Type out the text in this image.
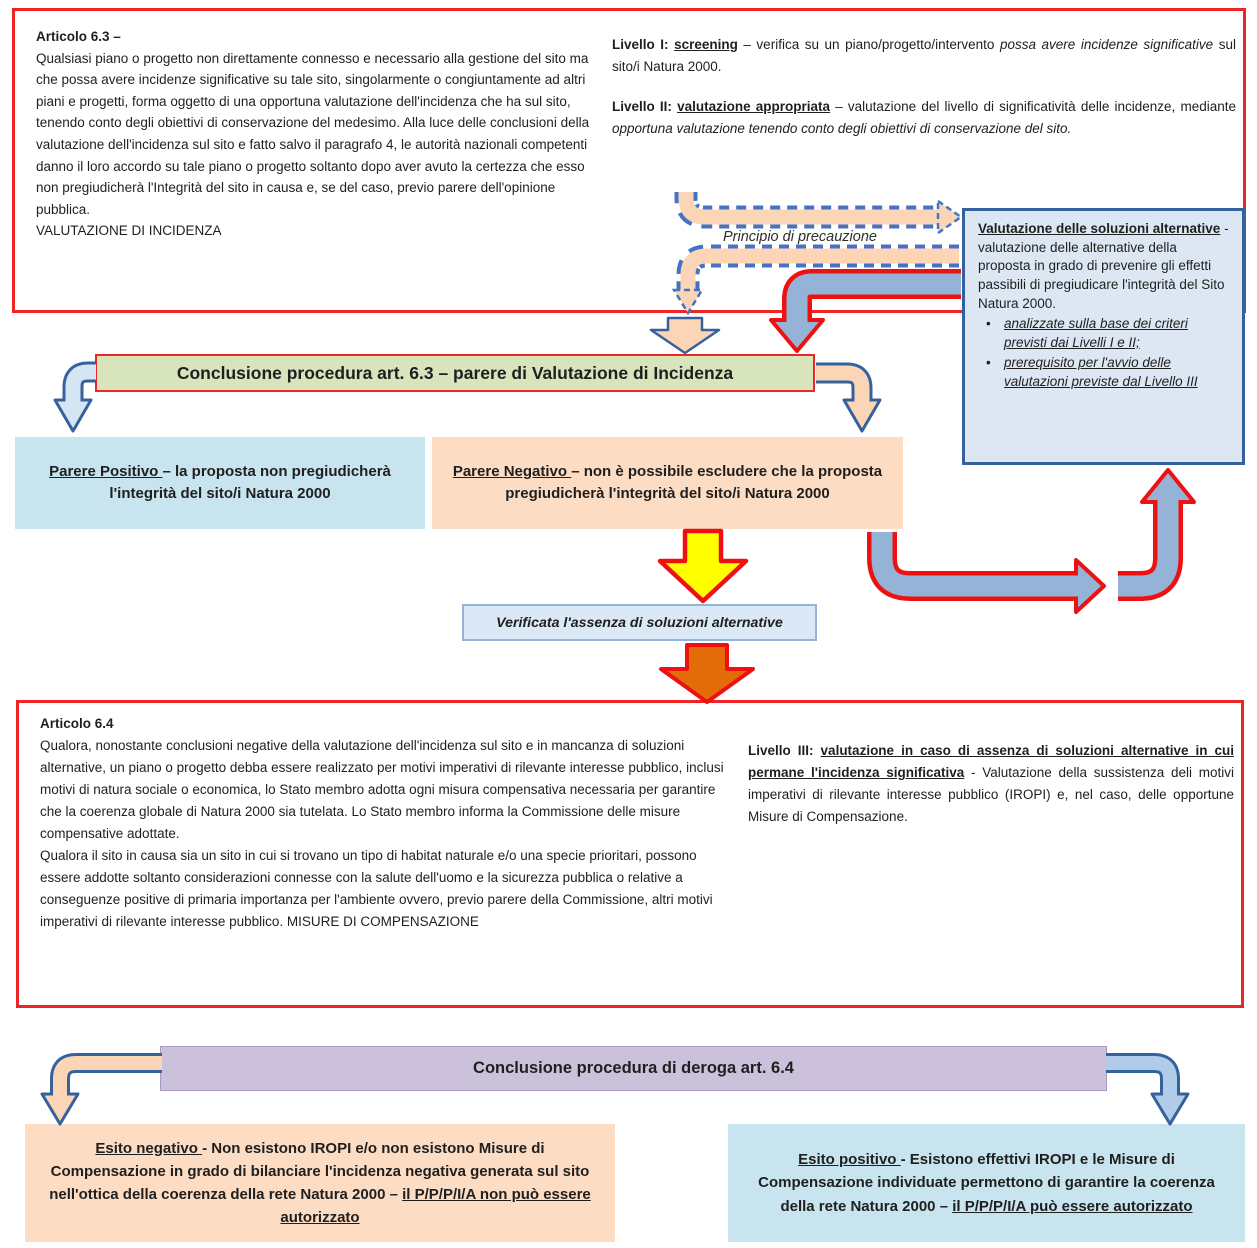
Articolo 6.3 –
Qualsiasi piano o progetto non direttamente connesso e necessario alla gestione del sito ma che possa avere incidenze significative su tale sito, singolarmente o congiuntamente ad altri piani e progetti, forma oggetto di una opportuna valutazione dell'incidenza che ha sul sito, tenendo conto degli obiettivi di conservazione del medesimo. Alla luce delle conclusioni della valutazione dell'incidenza sul sito e fatto salvo il paragrafo 4, le autorità nazionali competenti danno il loro accordo su tale piano o progetto soltanto dopo aver avuto la certezza che esso non pregiudicherà l'Integrità del sito in causa e, se del caso, previo parere dell'opinione pubblica.
VALUTAZIONE DI INCIDENZA

Livello I: screening – verifica su un piano/progetto/intervento possa avere incidenze significative sul sito/i Natura 2000.

Livello II: valutazione appropriata – valutazione del livello di significatività delle incidenze, mediante opportuna valutazione tenendo conto degli obiettivi di conservazione del sito.

Valutazione delle soluzioni alternative - valutazione delle alternative della proposta in grado di prevenire gli effetti passibili di pregiudicare l'integrità del Sito Natura 2000.
• analizzate sulla base dei criteri previsti dai Livelli I e II;
• prerequisito per l'avvio delle valutazioni previste dal Livello III
Principio di precauzione
Conclusione procedura art. 6.3 – parere di Valutazione di Incidenza
Parere Positivo – la proposta non pregiudicherà l'integrità del sito/i Natura 2000
Parere Negativo – non è possibile escludere che la proposta pregiudicherà l'integrità del sito/i Natura 2000
Verificata l'assenza di soluzioni alternative
Articolo 6.4
Qualora, nonostante conclusioni negative della valutazione dell'incidenza sul sito e in mancanza di soluzioni alternative, un piano o progetto debba essere realizzato per motivi imperativi di rilevante interesse pubblico, inclusi motivi di natura sociale o economica, lo Stato membro adotta ogni misura compensativa necessaria per garantire che la coerenza globale di Natura 2000 sia tutelata. Lo Stato membro informa la Commissione delle misure compensative adottate.
Qualora il sito in causa sia un sito in cui si trovano un tipo di habitat naturale e/o una specie prioritari, possono essere addotte soltanto considerazioni connesse con la salute dell'uomo e la sicurezza pubblica o relative a conseguenze positive di primaria importanza per l'ambiente ovvero, previo parere della Commissione, altri motivi imperativi di rilevante interesse pubblico. MISURE DI COMPENSAZIONE
Livello III: valutazione in caso di assenza di soluzioni alternative in cui permane l'incidenza significativa - Valutazione della sussistenza deli motivi imperativi di rilevante interesse pubblico (IROPI) e, nel caso, delle opportune Misure di Compensazione.
Conclusione procedura di deroga art. 6.4
Esito negativo - Non esistono IROPI e/o non esistono Misure di Compensazione in grado di bilanciare l'incidenza negativa generata sul sito nell'ottica della coerenza della rete Natura 2000 – il P/P/P/I/A non può essere autorizzato
Esito positivo - Esistono effettivi IROPI e le Misure di Compensazione individuate permettono di garantire la coerenza della rete Natura 2000 – il P/P/P/I/A può essere autorizzato
